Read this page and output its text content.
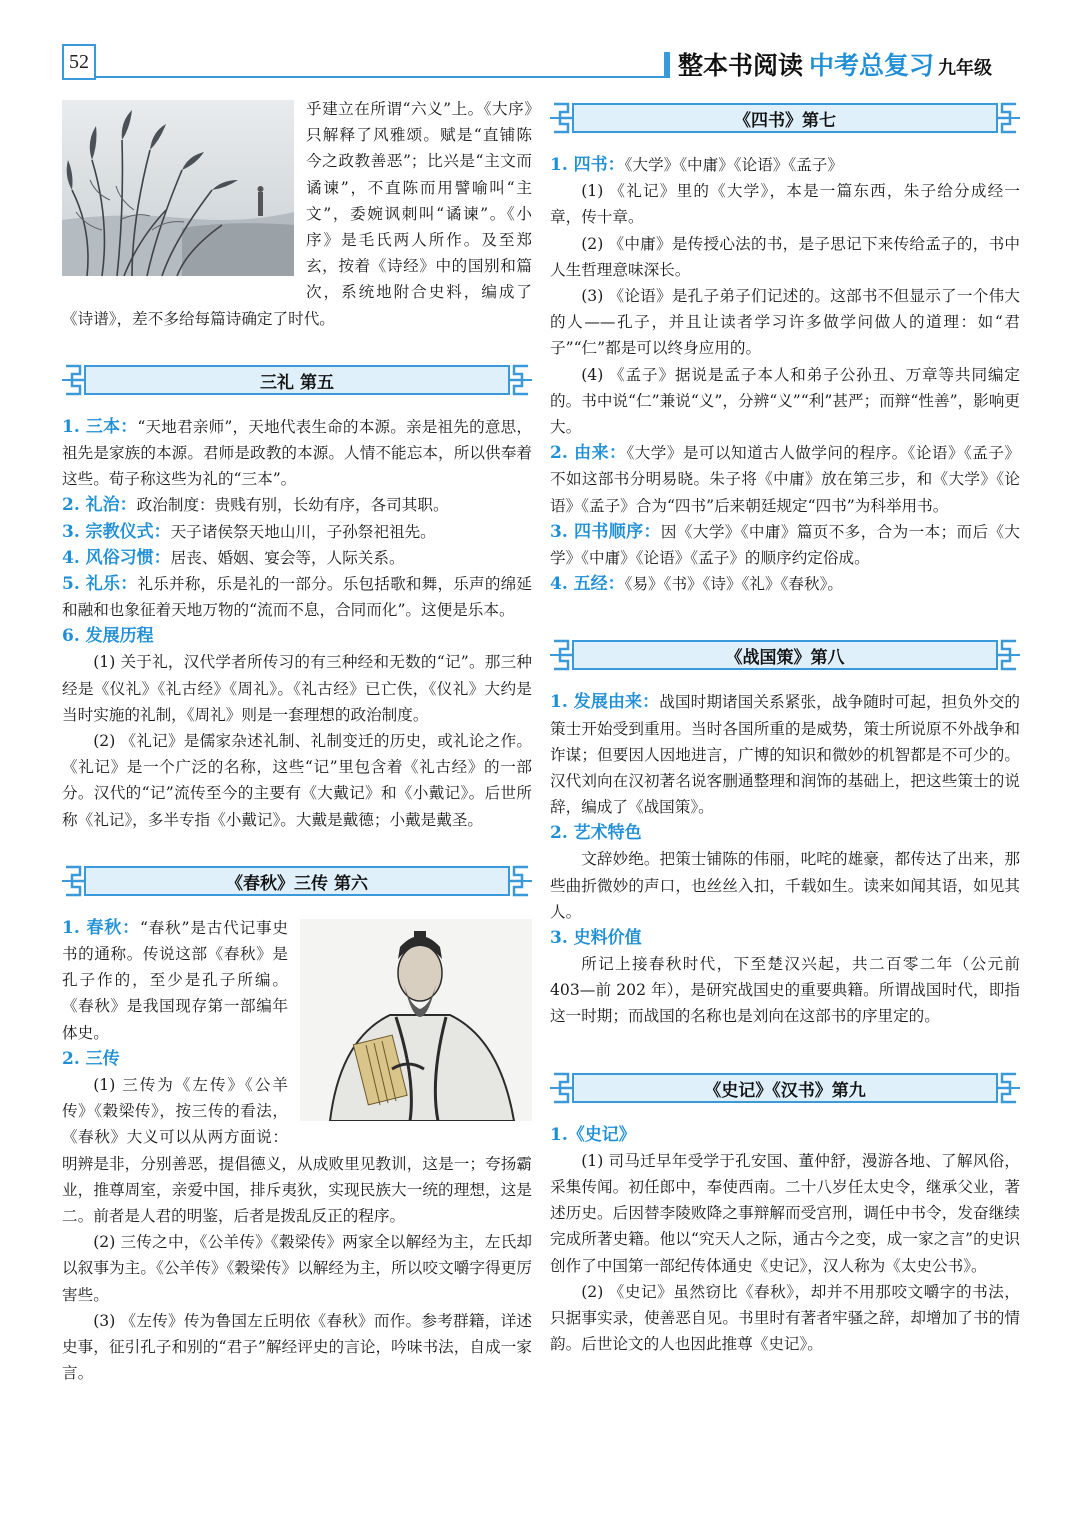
52	整本书阅读 中考总复习 九年级

乎建立在所谓“六义”上。《大序》只解释了风雅颂。赋是“直铺陈今之政教善恶”；比兴是“主文而谲谏”，不直陈而用譬喻叫“主文”，委婉讽刺叫“谲谏”。《小序》是毛氏两人所作。及至郑玄，按着《诗经》中的国别和篇次，系统地附合史料，编成了《诗谱》，差不多给每篇诗确定了时代。

三礼 第五

1. 三本：“天地君亲师”，天地代表生命的本源。亲是祖先的意思，祖先是家族的本源。君师是政教的本源。人情不能忘本，所以供奉着这些。荀子称这些为礼的“三本”。

2. 礼治：政治制度：贵贱有别，长幼有序，各司其职。

3. 宗教仪式：天子诸侯祭天地山川，子孙祭祀祖先。

4. 风俗习惯：居丧、婚姻、宴会等，人际关系。

5. 礼乐：礼乐并称，乐是礼的一部分。乐包括歌和舞，乐声的绵延和融和也象征着天地万物的“流而不息，合同而化”。这便是乐本。

6. 发展历程

(1) 关于礼，汉代学者所传习的有三种经和无数的“记”。那三种经是《仪礼》《礼古经》《周礼》。《礼古经》已亡佚，《仪礼》大约是当时实施的礼制，《周礼》则是一套理想的政治制度。

(2) 《礼记》是儒家杂述礼制、礼制变迁的历史，或礼论之作。《礼记》是一个广泛的名称，这些“记”里包含着《礼古经》的一部分。汉代的“记”流传至今的主要有《大戴记》和《小戴记》。后世所称《礼记》，多半专指《小戴记》。大戴是戴德；小戴是戴圣。

《春秋》三传 第六

1. 春秋：“春秋”是古代记事史书的通称。传说这部《春秋》是孔子作的，至少是孔子所编。《春秋》是我国现存第一部编年体史。

2. 三传

(1) 三传为《左传》《公羊传》《穀梁传》，按三传的看法，《春秋》大义可以从两方面说：明辨是非，分别善恶，提倡德义，从成败里见教训，这是一；夸扬霸业，推尊周室，亲爱中国，排斥夷狄，实现民族大一统的理想，这是二。前者是人君的明鉴，后者是拨乱反正的程序。

(2) 三传之中，《公羊传》《穀梁传》两家全以解经为主，左氏却以叙事为主。《公羊传》《穀梁传》以解经为主，所以咬文嚼字得更厉害些。

(3) 《左传》传为鲁国左丘明依《春秋》而作。参考群籍，详述史事，征引孔子和别的“君子”解经评史的言论，吟味书法，自成一家言。

《四书》第七

1. 四书：《大学》《中庸》《论语》《孟子》

(1) 《礼记》里的《大学》，本是一篇东西，朱子给分成经一章，传十章。

(2) 《中庸》是传授心法的书，是子思记下来传给孟子的，书中人生哲理意味深长。

(3) 《论语》是孔子弟子们记述的。这部书不但显示了一个伟大的人——孔子，并且让读者学习许多做学问做人的道理：如“君子”“仁”都是可以终身应用的。

(4) 《孟子》据说是孟子本人和弟子公孙丑、万章等共同编定的。书中说“仁”兼说“义”，分辨“义”“利”甚严；而辩“性善”，影响更大。

2. 由来：《大学》是可以知道古人做学问的程序。《论语》《孟子》不如这部书分明易晓。朱子将《中庸》放在第三步，和《大学》《论语》《孟子》合为“四书”后来朝廷规定“四书”为科举用书。

3. 四书顺序：因《大学》《中庸》篇页不多，合为一本；而后《大学》《中庸》《论语》《孟子》的顺序约定俗成。

4. 五经：《易》《书》《诗》《礼》《春秋》。

《战国策》第八

1. 发展由来：战国时期诸国关系紧张，战争随时可起，担负外交的策士开始受到重用。当时各国所重的是威势，策士所说原不外战争和诈谋；但要因人因地进言，广博的知识和微妙的机智都是不可少的。汉代刘向在汉初著名说客删通整理和润饰的基础上，把这些策士的说辞，编成了《战国策》。

2. 艺术特色

文辞妙绝。把策士铺陈的伟丽，叱咤的雄豪，都传达了出来，那些曲折微妙的声口，也丝丝入扣，千载如生。读来如闻其语，如见其人。

3. 史料价值

所记上接春秋时代，下至楚汉兴起，共二百零二年（公元前 403—前 202 年），是研究战国史的重要典籍。所谓战国时代，即指这一时期；而战国的名称也是刘向在这部书的序里定的。

《史记》《汉书》第九
1.《史记》

(1) 司马迁早年受学于孔安国、董仲舒，漫游各地、了解风俗，采集传闻。初任郎中，奉使西南。二十八岁任太史令，继承父业，著述历史。后因替李陵败降之事辩解而受宫刑，调任中书令，发奋继续完成所著史籍。他以“究天人之际，通古今之变，成一家之言”的史识创作了中国第一部纪传体通史《史记》，汉人称为《太史公书》。

(2) 《史记》虽然窃比《春秋》，却并不用那咬文嚼字的书法，只据事实录，使善恶自见。书里时有著者牢骚之辞，却增加了书的情韵。后世论文的人也因此推尊《史记》。
